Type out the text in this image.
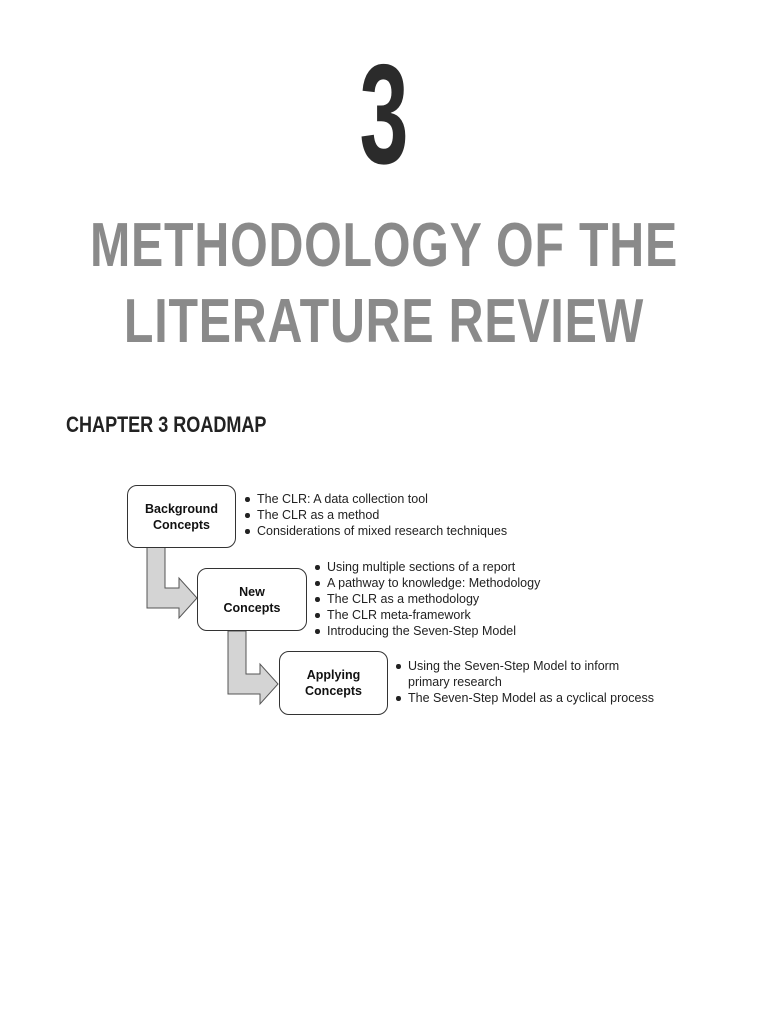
3
METHODOLOGY OF THE
LITERATURE REVIEW
CHAPTER 3 ROADMAP
Background
Concepts
The CLR: A data collection tool
The CLR as a method
Considerations of mixed research techniques
New
Concepts
Using multiple sections of a report
A pathway to knowledge: Methodology
The CLR as a methodology
The CLR meta-framework
Introducing the Seven-Step Model
Applying
Concepts
Using the Seven-Step Model to inform
primary research
The Seven-Step Model as a cyclical process
